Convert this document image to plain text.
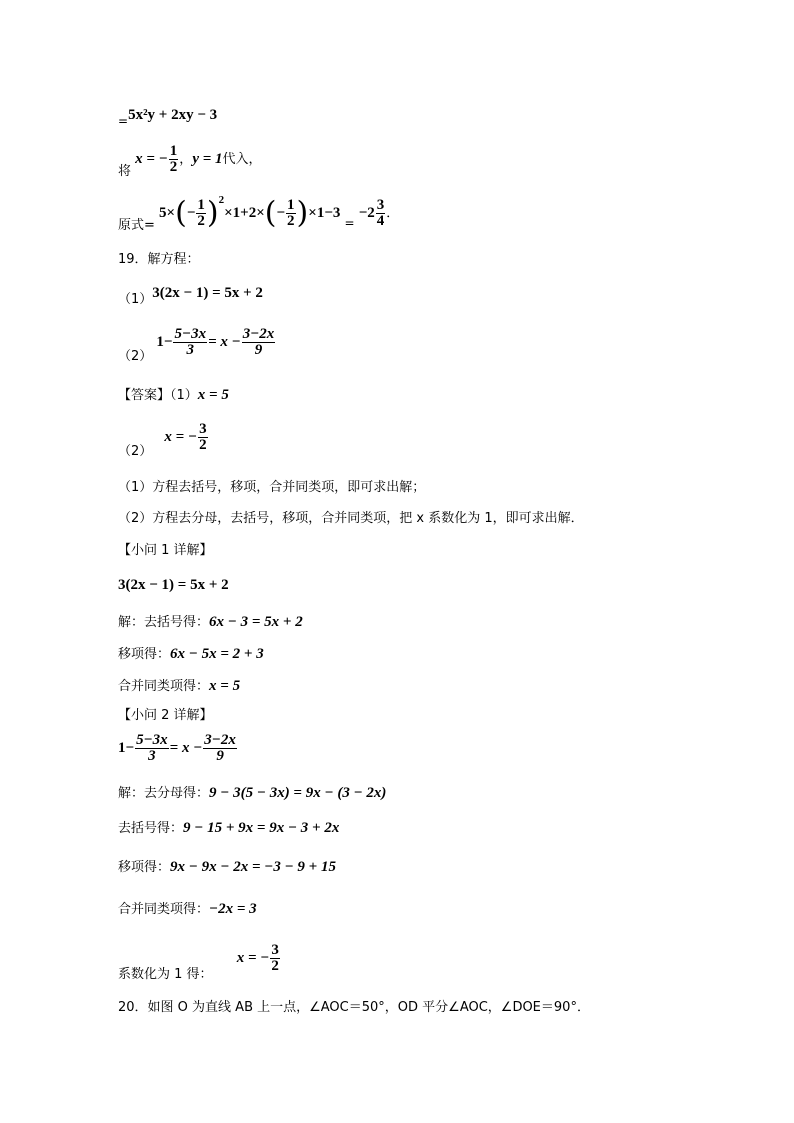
=5x²y + 2xy − 3
将 x = − $\frac{1}{2}$ ，y = 1代入，
原式= $5\times(- \frac{1}{2} )^2\times 1+2\times(- \frac{1}{2} )\times 1-3 = -2 \frac{3}{4}$ ．
19．解方程：
（1）3(2x − 1) = 5x + 2
（2） $1- \frac{5-3x}{3} = x - \frac{3-2x}{9}$
【答案】（1）x = 5
（2） x = − $\frac{3}{2}$
（1）方程去括号，移项，合并同类项，即可求出解；
（2）方程去分母，去括号，移项，合并同类项，把 x 系数化为 1，即可求出解．
【小问 1 详解】
3(2x − 1) = 5x + 2
解：去括号得：6x − 3 = 5x + 2
移项得：6x − 5x = 2 + 3
合并同类项得：x = 5
【小问 2 详解】
$1- \frac{5-3x}{3} = x - \frac{3-2x}{9}$
解：去分母得：9 − 3(5 − 3x) = 9x − (3 − 2x)
去括号得：9 − 15 + 9x = 9x − 3 + 2x
移项得：9x − 9x − 2x = −3 − 9 + 15
合并同类项得：−2x = 3
系数化为 1 得： x = − $\frac{3}{2}$
20．如图 O 为直线 AB 上一点，∠AOC＝50°，OD 平分∠AOC，∠DOE＝90°．
